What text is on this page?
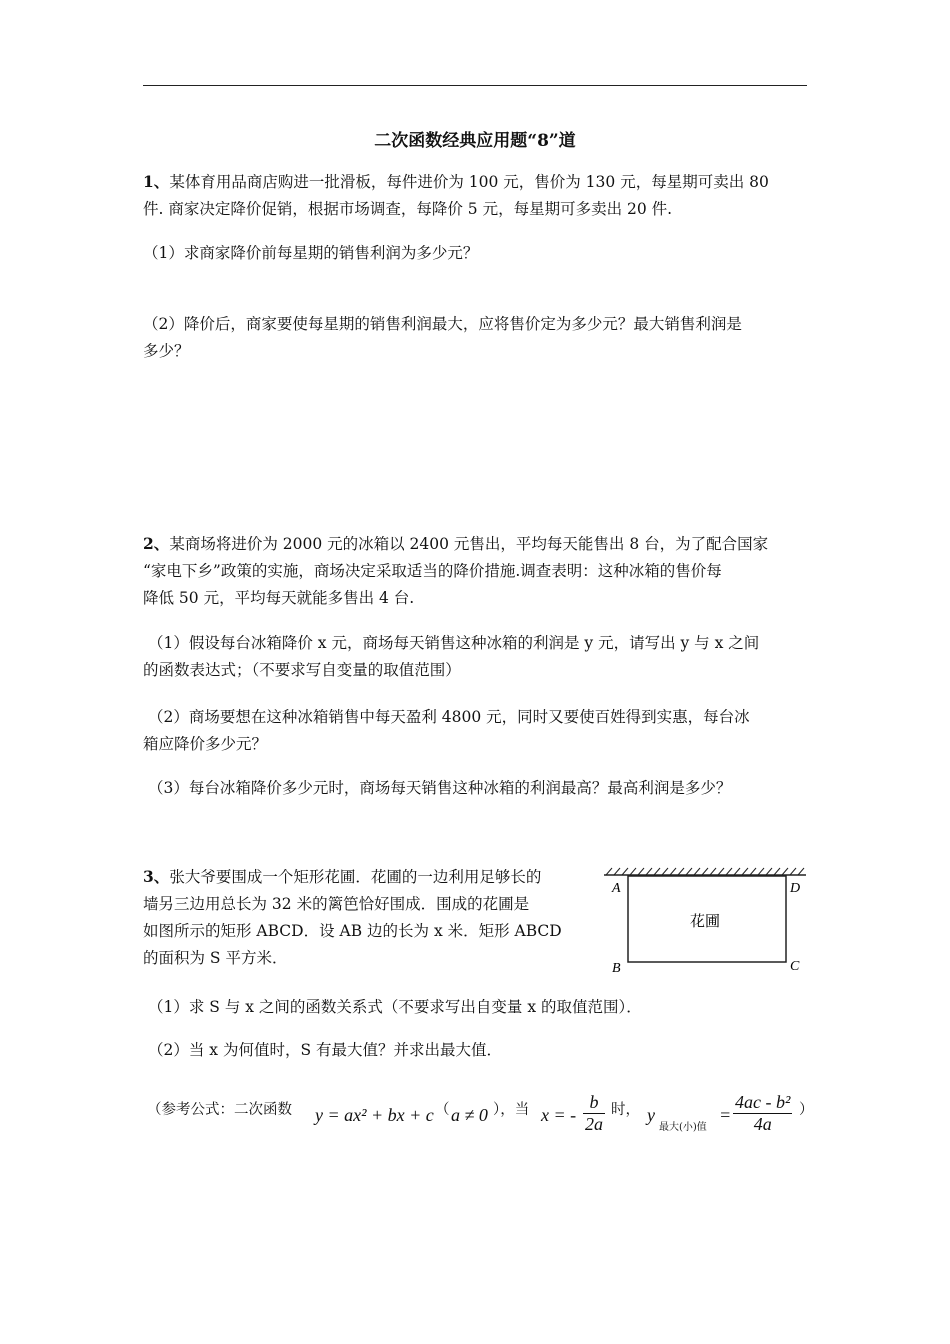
二次函数经典应用题“8”道
1、某体育用品商店购进一批滑板，每件进价为 100 元，售价为 130 元，每星期可卖出 80
件. 商家决定降价促销，根据市场调查，每降价 5 元，每星期可多卖出 20 件.
（1）求商家降价前每星期的销售利润为多少元？
（2）降价后，商家要使每星期的销售利润最大，应将售价定为多少元？最大销售利润是
多少？
2、某商场将进价为 2000 元的冰箱以 2400 元售出，平均每天能售出 8 台，为了配合国家
“家电下乡”政策的实施，商场决定采取适当的降价措施.调查表明：这种冰箱的售价每
降低 50 元，平均每天就能多售出 4 台.
（1）假设每台冰箱降价 x 元，商场每天销售这种冰箱的利润是 y 元，请写出 y 与 x 之间
的函数表达式；（不要求写自变量的取值范围）
（2）商场要想在这种冰箱销售中每天盈利 4800 元，同时又要使百姓得到实惠，每台冰
箱应降价多少元？
（3）每台冰箱降价多少元时，商场每天销售这种冰箱的利润最高？最高利润是多少？
3、张大爷要围成一个矩形花圃．花圃的一边利用足够长的
墙另三边用总长为 32 米的篱笆恰好围成．围成的花圃是
如图所示的矩形 ABCD．设 AB 边的长为 x 米．矩形 ABCD
的面积为 S 平方米．
A
B	C
D
花圃
（1）求 S 与 x 之间的函数关系式（不要求写出自变量 x 的取值范围）．
（2）当 x 为何值时，S 有最大值？并求出最大值．
（参考公式：二次函数 y = ax² + bx + c （ a ≠ 0 ），当 x = - $\frac{b}{2a}$ 时， y
最大(小)值
= $\frac{\text{4ac - b²}}{4a}$ ）
